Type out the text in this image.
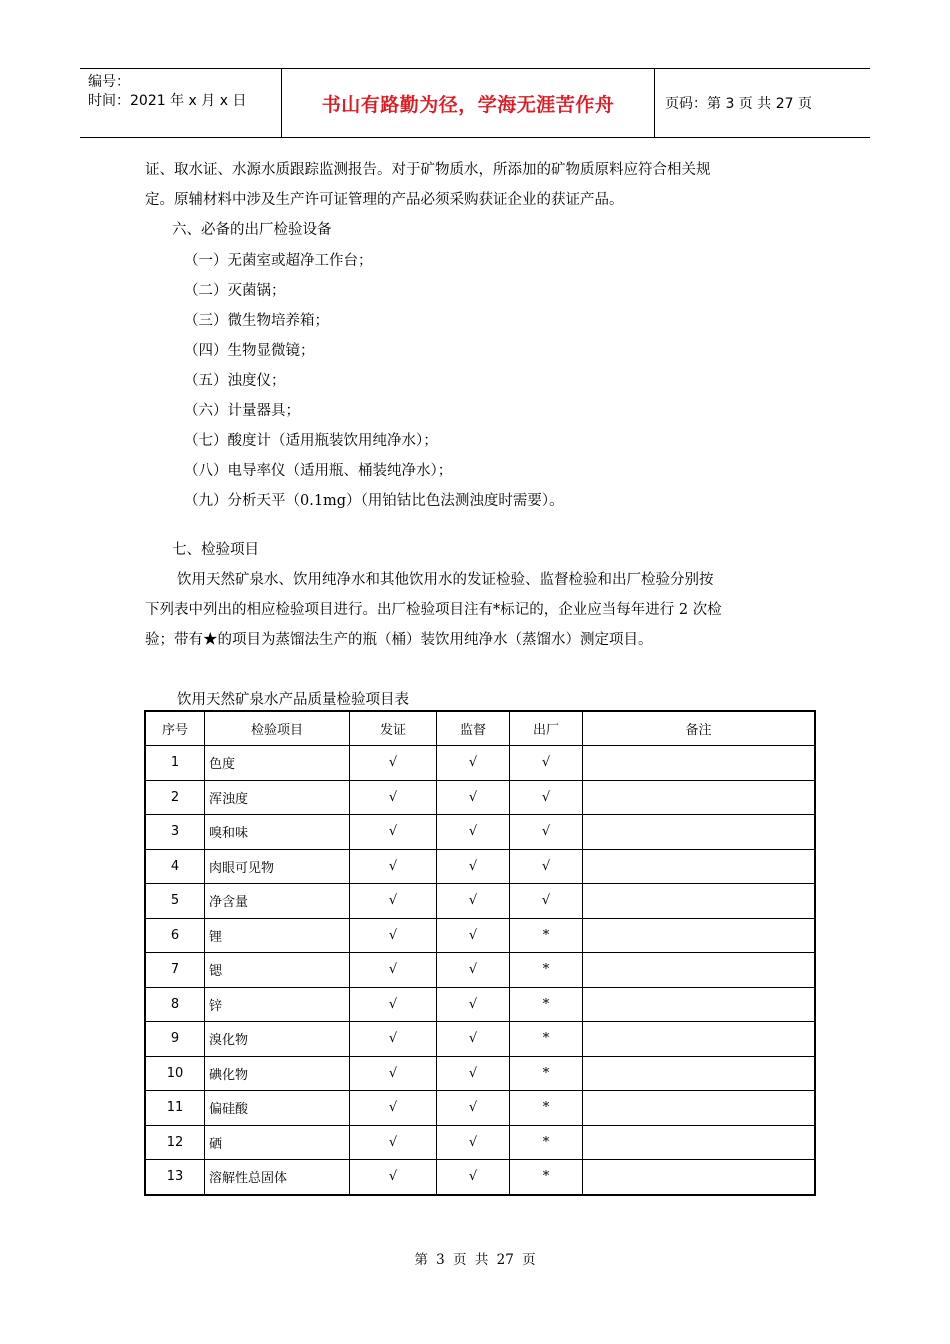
编号：
时间：2021 年 x 月 x 日	书山有路勤为径，学海无涯苦作舟	页码：第 3 页 共 27 页
证、取水证、水源水质跟踪监测报告。对于矿物质水，所添加的矿物质原料应符合相关规
定。原辅材料中涉及生产许可证管理的产品必须采购获证企业的获证产品。
六、必备的出厂检验设备
（一）无菌室或超净工作台；
（二）灭菌锅；
（三）微生物培养箱；
（四）生物显微镜；
（五）浊度仪；
（六）计量器具；
（七）酸度计（适用瓶装饮用纯净水）；
（八）电导率仪（适用瓶、桶装纯净水）；
（九）分析天平（0.1mg）（用铂钴比色法测浊度时需要）。
七、检验项目
饮用天然矿泉水、饮用纯净水和其他饮用水的发证检验、监督检验和出厂检验分别按
下列表中列出的相应检验项目进行。出厂检验项目注有*标记的，企业应当每年进行 2 次检
验；带有★的项目为蒸馏法生产的瓶（桶）装饮用纯净水（蒸馏水）测定项目。
饮用天然矿泉水产品质量检验项目表
序号	检验项目	发证	监督	出厂	备注
1	色度	√	√	√	
2	浑浊度	√	√	√	
3	嗅和味	√	√	√	
4	肉眼可见物	√	√	√	
5	净含量	√	√	√	
6	锂	√	√	*	
7	锶	√	√	*	
8	锌	√	√	*	
9	溴化物	√	√	*	
10	碘化物	√	√	*	
11	偏硅酸	√	√	*	
12	硒	√	√	*	
13	溶解性总固体	√	√	*	
第 3 页 共 27 页
